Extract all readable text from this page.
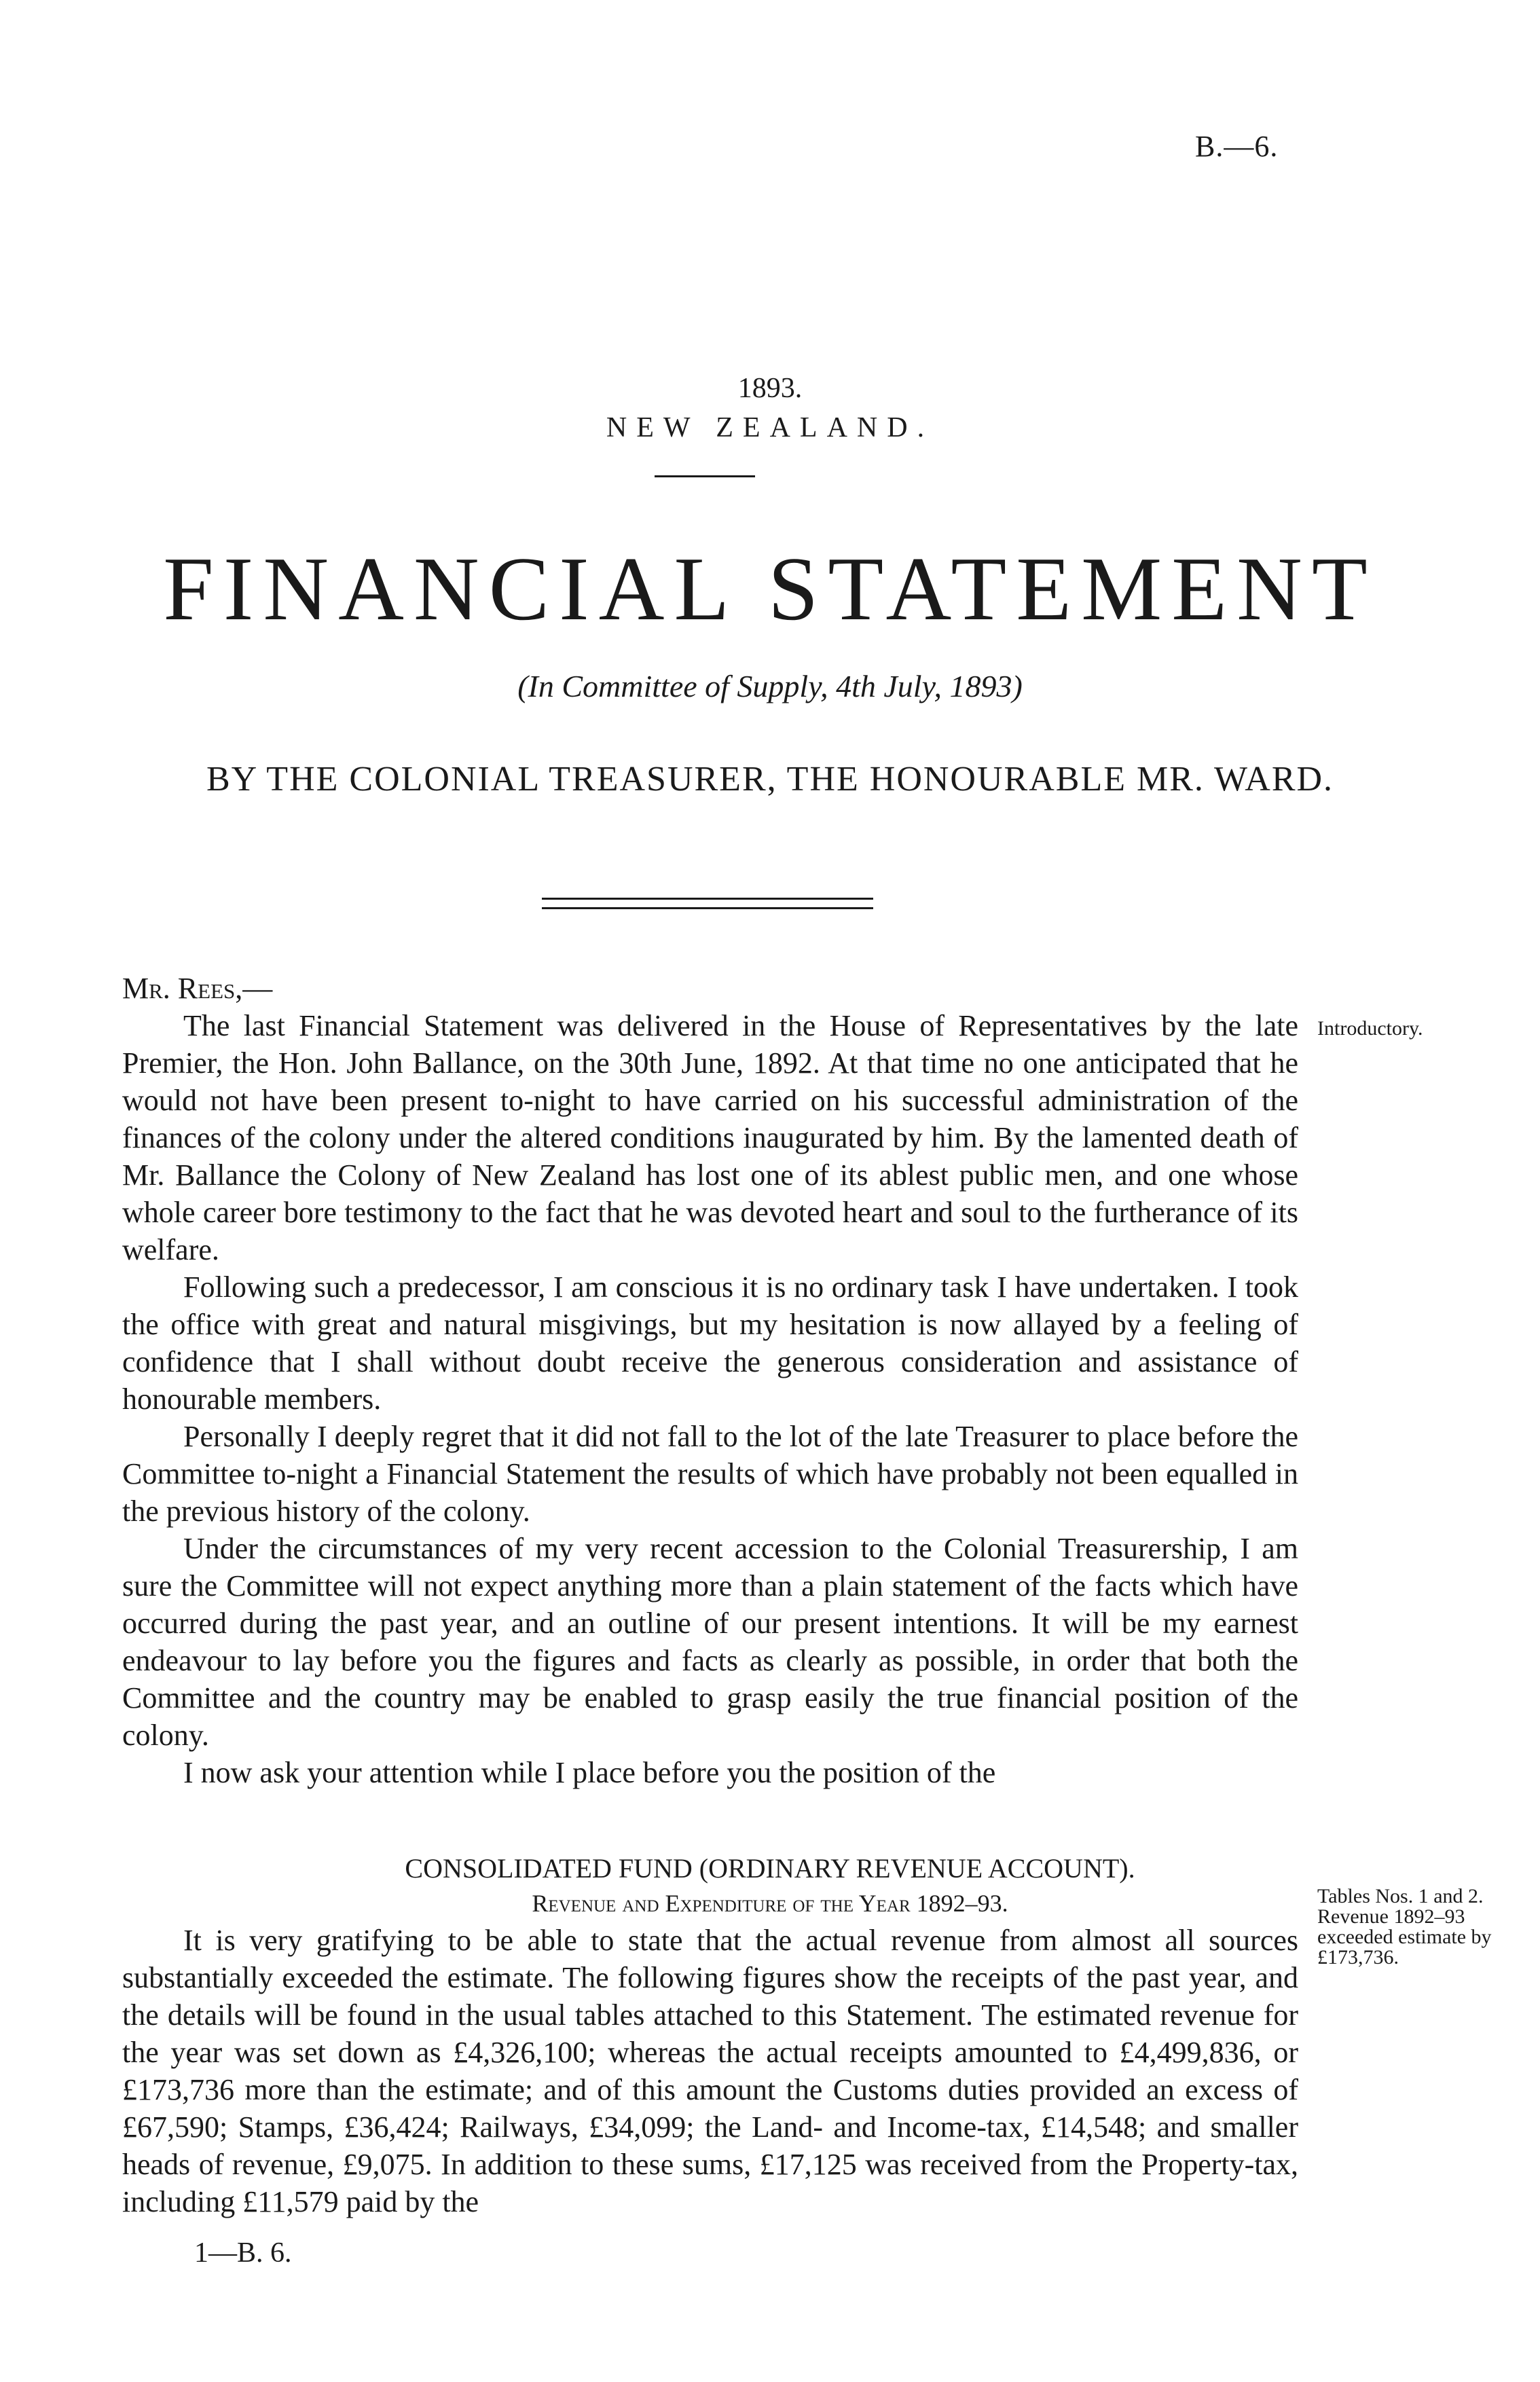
B.—6.
1893.
NEW ZEALAND.
FINANCIAL STATEMENT
(In Committee of Supply, 4th July, 1893)
BY THE COLONIAL TREASURER, THE HONOURABLE MR. WARD.

Mr. Rees,—

The last Financial Statement was delivered in the House of Representatives by the late Premier, the Hon. John Ballance, on the 30th June, 1892. At that time no one anticipated that he would not have been present to-night to have carried on his successful administration of the finances of the colony under the altered conditions inaugurated by him. By the lamented death of Mr. Ballance the Colony of New Zealand has lost one of its ablest public men, and one whose whole career bore testimony to the fact that he was devoted heart and soul to the furtherance of its welfare.

Following such a predecessor, I am conscious it is no ordinary task I have undertaken. I took the office with great and natural misgivings, but my hesitation is now allayed by a feeling of confidence that I shall without doubt receive the generous consideration and assistance of honourable members.

Personally I deeply regret that it did not fall to the lot of the late Treasurer to place before the Committee to-night a Financial Statement the results of which have probably not been equalled in the previous history of the colony.

Under the circumstances of my very recent accession to the Colonial Treasurership, I am sure the Committee will not expect anything more than a plain statement of the facts which have occurred during the past year, and an outline of our present intentions. It will be my earnest endeavour to lay before you the figures and facts as clearly as possible, in order that both the Committee and the country may be enabled to grasp easily the true financial position of the colony.

I now ask your attention while I place before you the position of the

CONSOLIDATED FUND (ORDINARY REVENUE ACCOUNT).
Revenue and Expenditure of the Year 1892–93.

It is very gratifying to be able to state that the actual revenue from almost all sources substantially exceeded the estimate. The following figures show the receipts of the past year, and the details will be found in the usual tables attached to this Statement. The estimated revenue for the year was set down as £4,326,100; whereas the actual receipts amounted to £4,499,836, or £173,736 more than the estimate; and of this amount the Customs duties provided an excess of £67,590; Stamps, £36,424; Railways, £34,099; the Land- and Income-tax, £14,548; and smaller heads of revenue, £9,075. In addition to these sums, £17,125 was received from the Property-tax, including £11,579 paid by the

1—B. 6.
Introductory.
Tables Nos. 1 and 2.
Revenue 1892–93 exceeded estimate by £173,736.
